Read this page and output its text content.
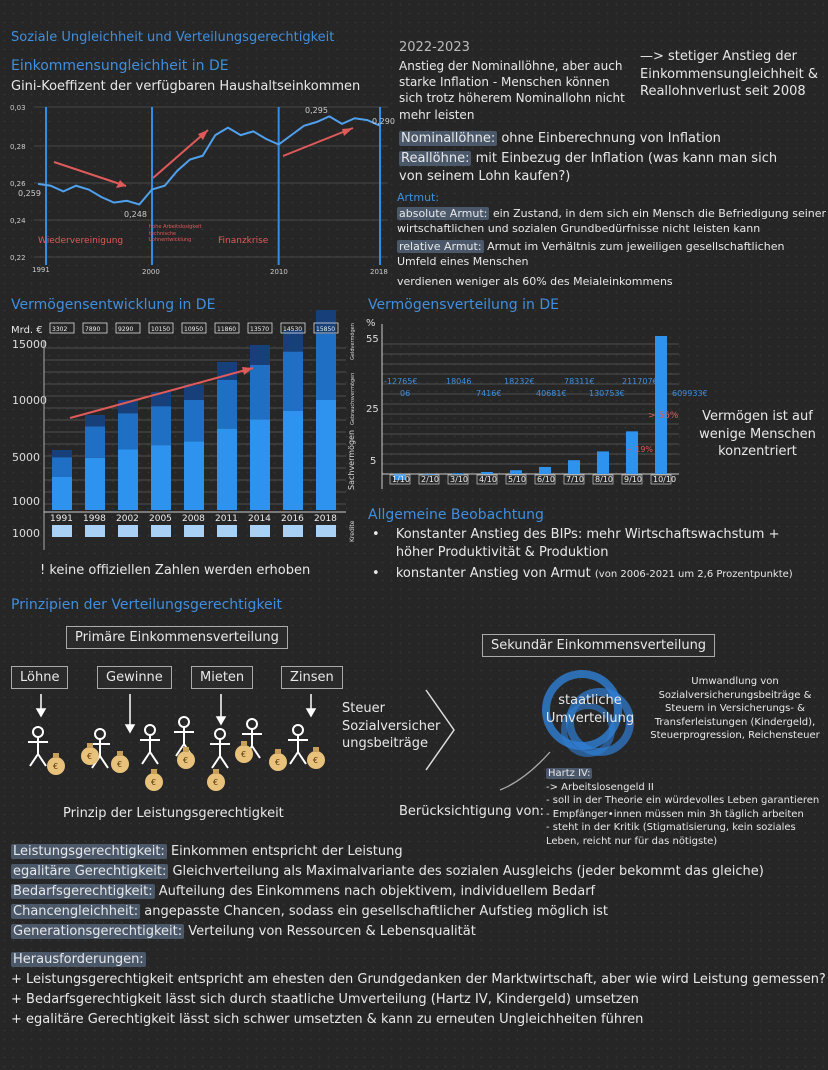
Soziale Ungleichheit und Verteilungsgerechtigkeit
Einkommensungleichheit in DE
Gini-Koeffizent der verfügbaren Haushaltseinkommen
0,03
0,28
0,26
0,24
0,22
0,259
0,248
0,295
0,290
Wiedervereinigung	Finanzkrise
hohe Arbeitslosigkeit technische Lohnentwicklung
1991	2000	2010	2018
2022-2023
Anstieg der Nominallöhne, aber auch starke Inflation - Menschen können sich trotz höherem Nominallohn nicht mehr leisten
—> stetiger Anstieg der Einkommensungleichheit & Reallohnverlust seit 2008
Nominallöhne: ohne Einberechnung von Inflation
Reallöhne: mit Einbezug der Inflation (was kann man sich von seinem Lohn kaufen?)
Artmut:
absolute Armut: ein Zustand, in dem sich ein Mensch die Befriedigung seiner wirtschaftlichen und sozialen Grundbedürfnisse nicht leisten kann
relative Armut: Armut im Verhältnis zum jeweiligen gesellschaftlichen Umfeld eines Menschen
verdienen weniger als 60% des Meialeinkommens
Vermögensentwicklung in DE
Mrd. €
15000
10000
5000
1000
1000
1991
3302
1998
7890
2002
9290
2005
10150
2008
10950
2011
11860
2014
13570
2016
14530
2018
15850
Sachvermögen
Gebrauchsvermögen
Geldvermögen
Kredite
! keine offiziellen Zahlen werden erhoben
Vermögensverteilung in DE
%
55
25
5
1/10 2/10 3/10 4/10 5/10 6/10 7/10 8/10 9/10 10/10
-12765€
06
18046
7416€
18232€
40681€
78311€
130753€
211707€
609933€
> 56%
~ 19%
Vermögen ist auf wenige Menschen konzentriert
Allgemeine Beobachtung
• Konstanter Anstieg des BIPs: mehr Wirtschaftswachstum + höher Produktivität & Produktion
• konstanter Anstieg von Armut (von 2006-2021 um 2,6 Prozentpunkte)
Prinzipien der Verteilungsgerechtigkeit
Primäre Einkommensverteilung
Sekundär Einkommensverteilung
Löhne	Gewinne	Mieten	Zinsen
€
€
€
€
€
€
€
€	€
Prinzip der Leistungsgerechtigkeit
Steuer Sozialversicher ungsbeiträge
staatliche Umverteilung
Umwandlung von Sozialversicherungsbeiträge & Steuern in Versicherungs- & Transferleistungen (Kindergeld), Steuerprogression, Reichensteuer
Berücksichtigung von:
Hartz IV:
-> Arbeitslosengeld II
- soll in der Theorie ein würdevolles Leben garantieren
- Empfänger•innen müssen min 3h täglich arbeiten
- steht in der Kritik (Stigmatisierung, kein soziales Leben, reicht nur für das nötigste)
Leistungsgerechtigkeit: Einkommen entspricht der Leistung
egalitäre Gerechtigkeit: Gleichverteilung als Maximalvariante des sozialen Ausgleichs (jeder bekommt das gleiche)
Bedarfsgerechtigkeit: Aufteilung des Einkommens nach objektivem, individuellem Bedarf
Chancengleichheit: angepasste Chancen, sodass ein gesellschaftlicher Aufstieg möglich ist
Generationsgerechtigkeit: Verteilung von Ressourcen & Lebensqualität
Herausforderungen:
+ Leistungsgerechtigkeit entspricht am ehesten den Grundgedanken der Marktwirtschaft, aber wie wird Leistung gemessen?
+ Bedarfsgerechtigkeit lässt sich durch staatliche Umverteilung (Hartz IV, Kindergeld) umsetzen
+ egalitäre Gerechtigkeit lässt sich schwer umsetzten & kann zu erneuten Ungleichheiten führen
